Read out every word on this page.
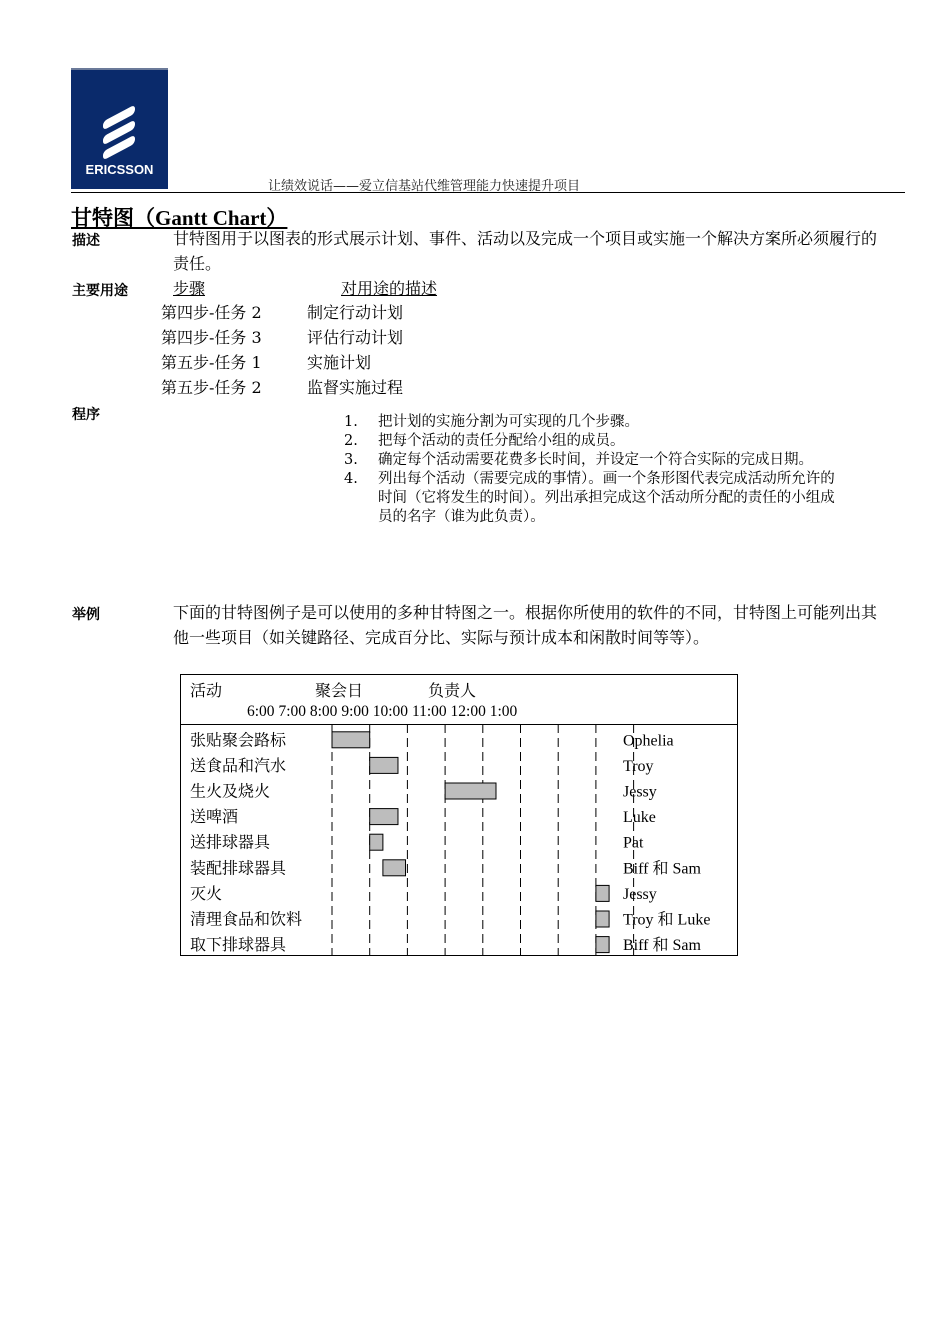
ERICSSON
让绩效说话——爱立信基站代维管理能力快速提升项目
甘特图（Gantt Chart）
描述	甘特图用于以图表的形式展示计划、事件、活动以及完成一个项目或实施一个解决方案所必须履行的
责任。
主要用途	步骤	对用途的描述
第四步-任务 2	制定行动计划
第四步-任务 3	评估行动计划
第五步-任务 1	实施计划
第五步-任务 2	监督实施过程
程序	1. 把计划的实施分割为可实现的几个步骤。
2. 把每个活动的责任分配给小组的成员。
3. 确定每个活动需要花费多长时间，并设定一个符合实际的完成日期。
4. 列出每个活动（需要完成的事情）。画一个条形图代表完成活动所允许的
时间（它将发生的时间）。列出承担完成这个活动所分配的责任的小组成
员的名字（谁为此负责）。
举例	下面的甘特图例子是可以使用的多种甘特图之一。根据你所使用的软件的不同，甘特图上可能列出其
他一些项目（如关键路径、完成百分比、实际与预计成本和闲散时间等等）。
活动	聚会日	负责人
6:00 7:00 8:00 9:00 10:00 11:00 12:00 1:00
张贴聚会路标	Ophelia
送食品和汽水	Troy
生火及烧火	Jessy
送啤酒	Luke
送排球器具	Pat
装配排球器具	Biff 和 Sam
灭火	Jessy
清理食品和饮料	Troy 和 Luke
取下排球器具	Biff 和 Sam
